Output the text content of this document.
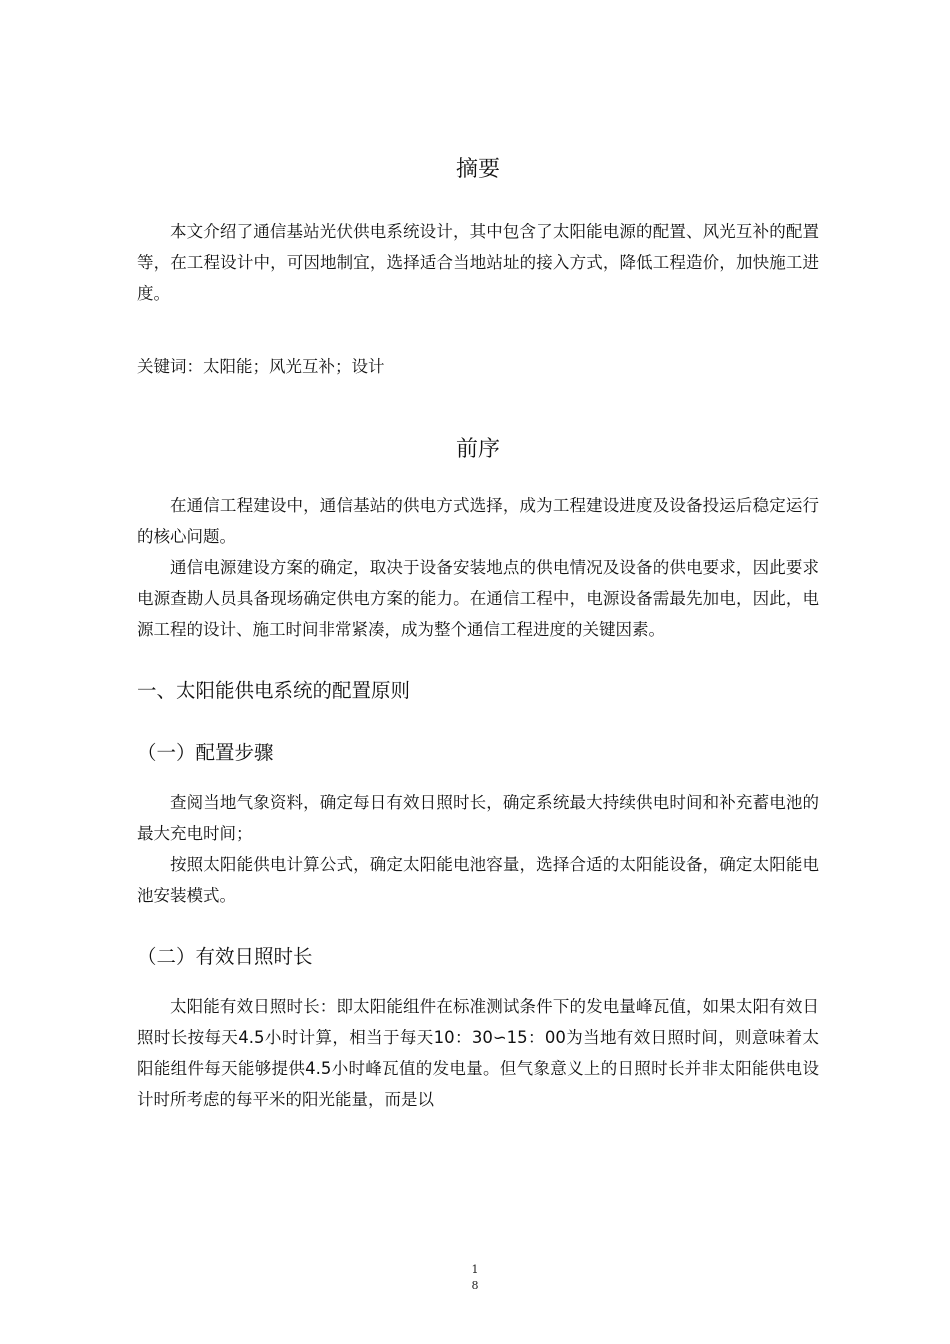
摘要

本文介绍了通信基站光伏供电系统设计，其中包含了太阳能电源的配置、风光互补的配置等，在工程设计中，可因地制宜，选择适合当地站址的接入方式，降低工程造价，加快施工进度。

关键词：太阳能；风光互补；设计

前序

在通信工程建设中，通信基站的供电方式选择，成为工程建设进度及设备投运后稳定运行的核心问题。

通信电源建设方案的确定，取决于设备安装地点的供电情况及设备的供电要求，因此要求电源查勘人员具备现场确定供电方案的能力。在通信工程中，电源设备需最先加电，因此，电源工程的设计、施工时间非常紧凑，成为整个通信工程进度的关键因素。

一、太阳能供电系统的配置原则
（一）配置步骤

查阅当地气象资料，确定每日有效日照时长，确定系统最大持续供电时间和补充蓄电池的最大充电时间；

按照太阳能供电计算公式，确定太阳能电池容量，选择合适的太阳能设备，确定太阳能电池安装模式。

（二）有效日照时长

太阳能有效日照时长：即太阳能组件在标准测试条件下的发电量峰瓦值，如果太阳有效日照时长按每天4.5小时计算，相当于每天10：30∽15：00为当地有效日照时间，则意味着太阳能组件每天能够提供4.5小时峰瓦值的发电量。但气象意义上的日照时长并非太阳能供电设计时所考虑的每平米的阳光能量，而是以

1
8
